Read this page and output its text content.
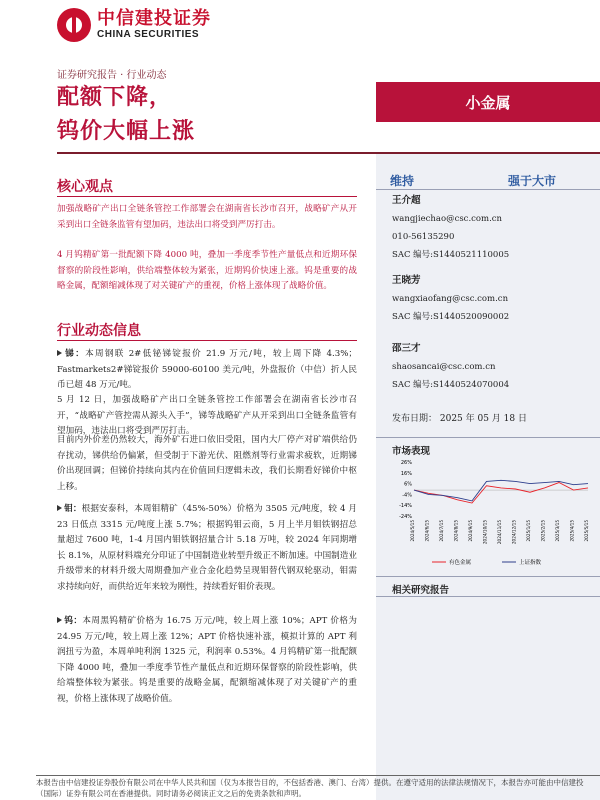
中信建投证券
CHINA SECURITIES
证券研究报告 · 行业动态
配额下降，
钨价大幅上涨
小金属
维持	强于大市
王介超
wangjiechao@csc.com.cn
010-56135290
SAC 编号:S1440521110005
王晓芳
wangxiaofang@csc.com.cn
SAC 编号:S1440520090002
邵三才
shaosancai@csc.com.cn
SAC 编号:S1440524070004
发布日期： 2025 年 05 月 18 日
市场表现
26%
16%
6%
-4%
-14%
-24%
2024/5/15 2024/6/15 2024/7/15 2024/8/15 2024/9/15 2024/10/15 2024/11/15 2024/12/15 2025/1/15 2025/2/15 2025/3/15 2025/4/15 2025/5/15
有色金属	上证指数
相关研究报告
核心观点
加强战略矿产出口全链条管控工作部署会在湖南省长沙市召开，战略矿产从开采到出口全链条监管有望加码，违法出口将受到严厉打击。
4 月钨精矿第一批配额下降 4000 吨，叠加一季度季节性产量低点和近期环保督察的阶段性影响，供给端整体较为紧张，近期钨价快速上涨。钨是重要的战略金属，配额缩减体现了对关键矿产的重视，价格上涨体现了战略价值。
行业动态信息
锑：本周钢联 2#低铋锑锭报价 21.9 万元/吨，较上周下降 4.3%；Fastmarkets2#锑锭报价 59000-60100 美元/吨，外盘报价（中信）折人民币已超 48 万元/吨。
5 月 12 日，加强战略矿产出口全链条管控工作部署会在湖南省长沙市召开，“战略矿产管控需从源头入手”，锑等战略矿产从开采到出口全链条监管有望加码，违法出口将受到严厉打击。
目前内外价差仍然较大，海外矿石进口依旧受阻，国内大厂停产对矿端供给仍存扰动，锑供给仍偏紧，但受制于下游光伏、阻燃剂等行业需求疲软，近期锑价出现回调；但锑价持续向其内在价值回归逻辑未改，我们长期看好锑价中枢上移。
钼：根据安泰科，本周钼精矿（45%-50%）价格为 3505 元/吨度，较 4 月 23 日低点 3315 元/吨度上涨 5.7%；根据钨钼云商，5 月上半月钼铁钢招总量超过 7600 吨，1-4 月国内钼铁钢招量合计 5.18 万吨，较 2024 年同期增长 8.1%，从原材料端充分印证了中国制造业转型升级正不断加速。中国制造业升级带来的材料升级大周期叠加产业合金化趋势呈现钼替代钢双轮驱动，钼需求持续向好，而供给近年来较为刚性，持续看好钼价表现。
钨：本周黑钨精矿价格为 16.75 万元/吨，较上周上涨 10%；APT 价格为 24.95 万元/吨，较上周上涨 12%；APT 价格快速补涨，模拟计算的 APT 利润扭亏为盈，本周单吨利润 1325 元，利润率 0.53%。4 月钨精矿第一批配额下降 4000 吨，叠加一季度季节性产量低点和近期环保督察的阶段性影响，供给端整体较为紧张。钨是重要的战略金属，配额缩减体现了对关键矿产的重视，价格上涨体现了战略价值。
本报告由中信建投证券股份有限公司在中华人民共和国（仅为本报告目的，不包括香港、澳门、台湾）提供。在遵守适用的法律法规情况下，本报告亦可能由中信建投（国际）证券有限公司在香港提供。同时请务必阅读正文之后的免责条款和声明。
